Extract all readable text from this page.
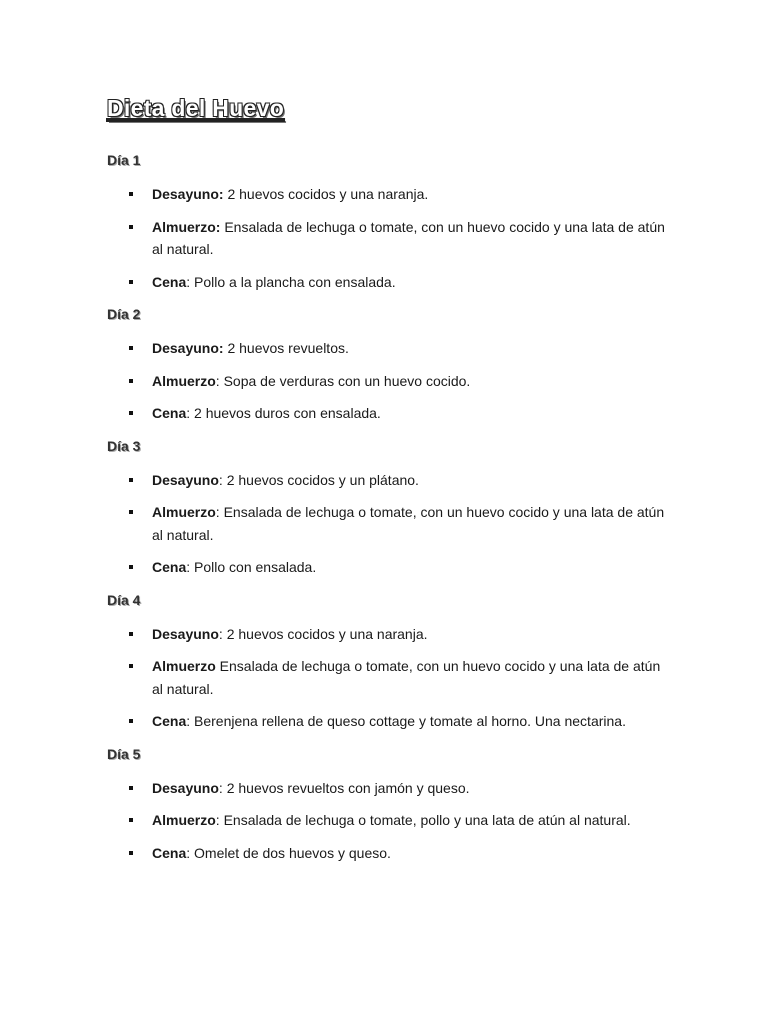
Dieta del Huevo
Día 1
Desayuno: 2 huevos cocidos y una naranja.
Almuerzo: Ensalada de lechuga o tomate, con un huevo cocido y una lata de atún al natural.
Cena: Pollo a la plancha con ensalada.
Día 2
Desayuno: 2 huevos revueltos.
Almuerzo: Sopa de verduras con un huevo cocido.
Cena: 2 huevos duros con ensalada.
Día 3
Desayuno: 2 huevos cocidos y un plátano.
Almuerzo: Ensalada de lechuga o tomate, con un huevo cocido y una lata de atún al natural.
Cena: Pollo con ensalada.
Día 4
Desayuno: 2 huevos cocidos y una naranja.
Almuerzo Ensalada de lechuga o tomate, con un huevo cocido y una lata de atún al natural.
Cena: Berenjena rellena de queso cottage y tomate al horno. Una nectarina.
Día 5
Desayuno: 2 huevos revueltos con jamón y queso.
Almuerzo: Ensalada de lechuga o tomate, pollo y una lata de atún al natural.
Cena: Omelet de dos huevos y queso.
